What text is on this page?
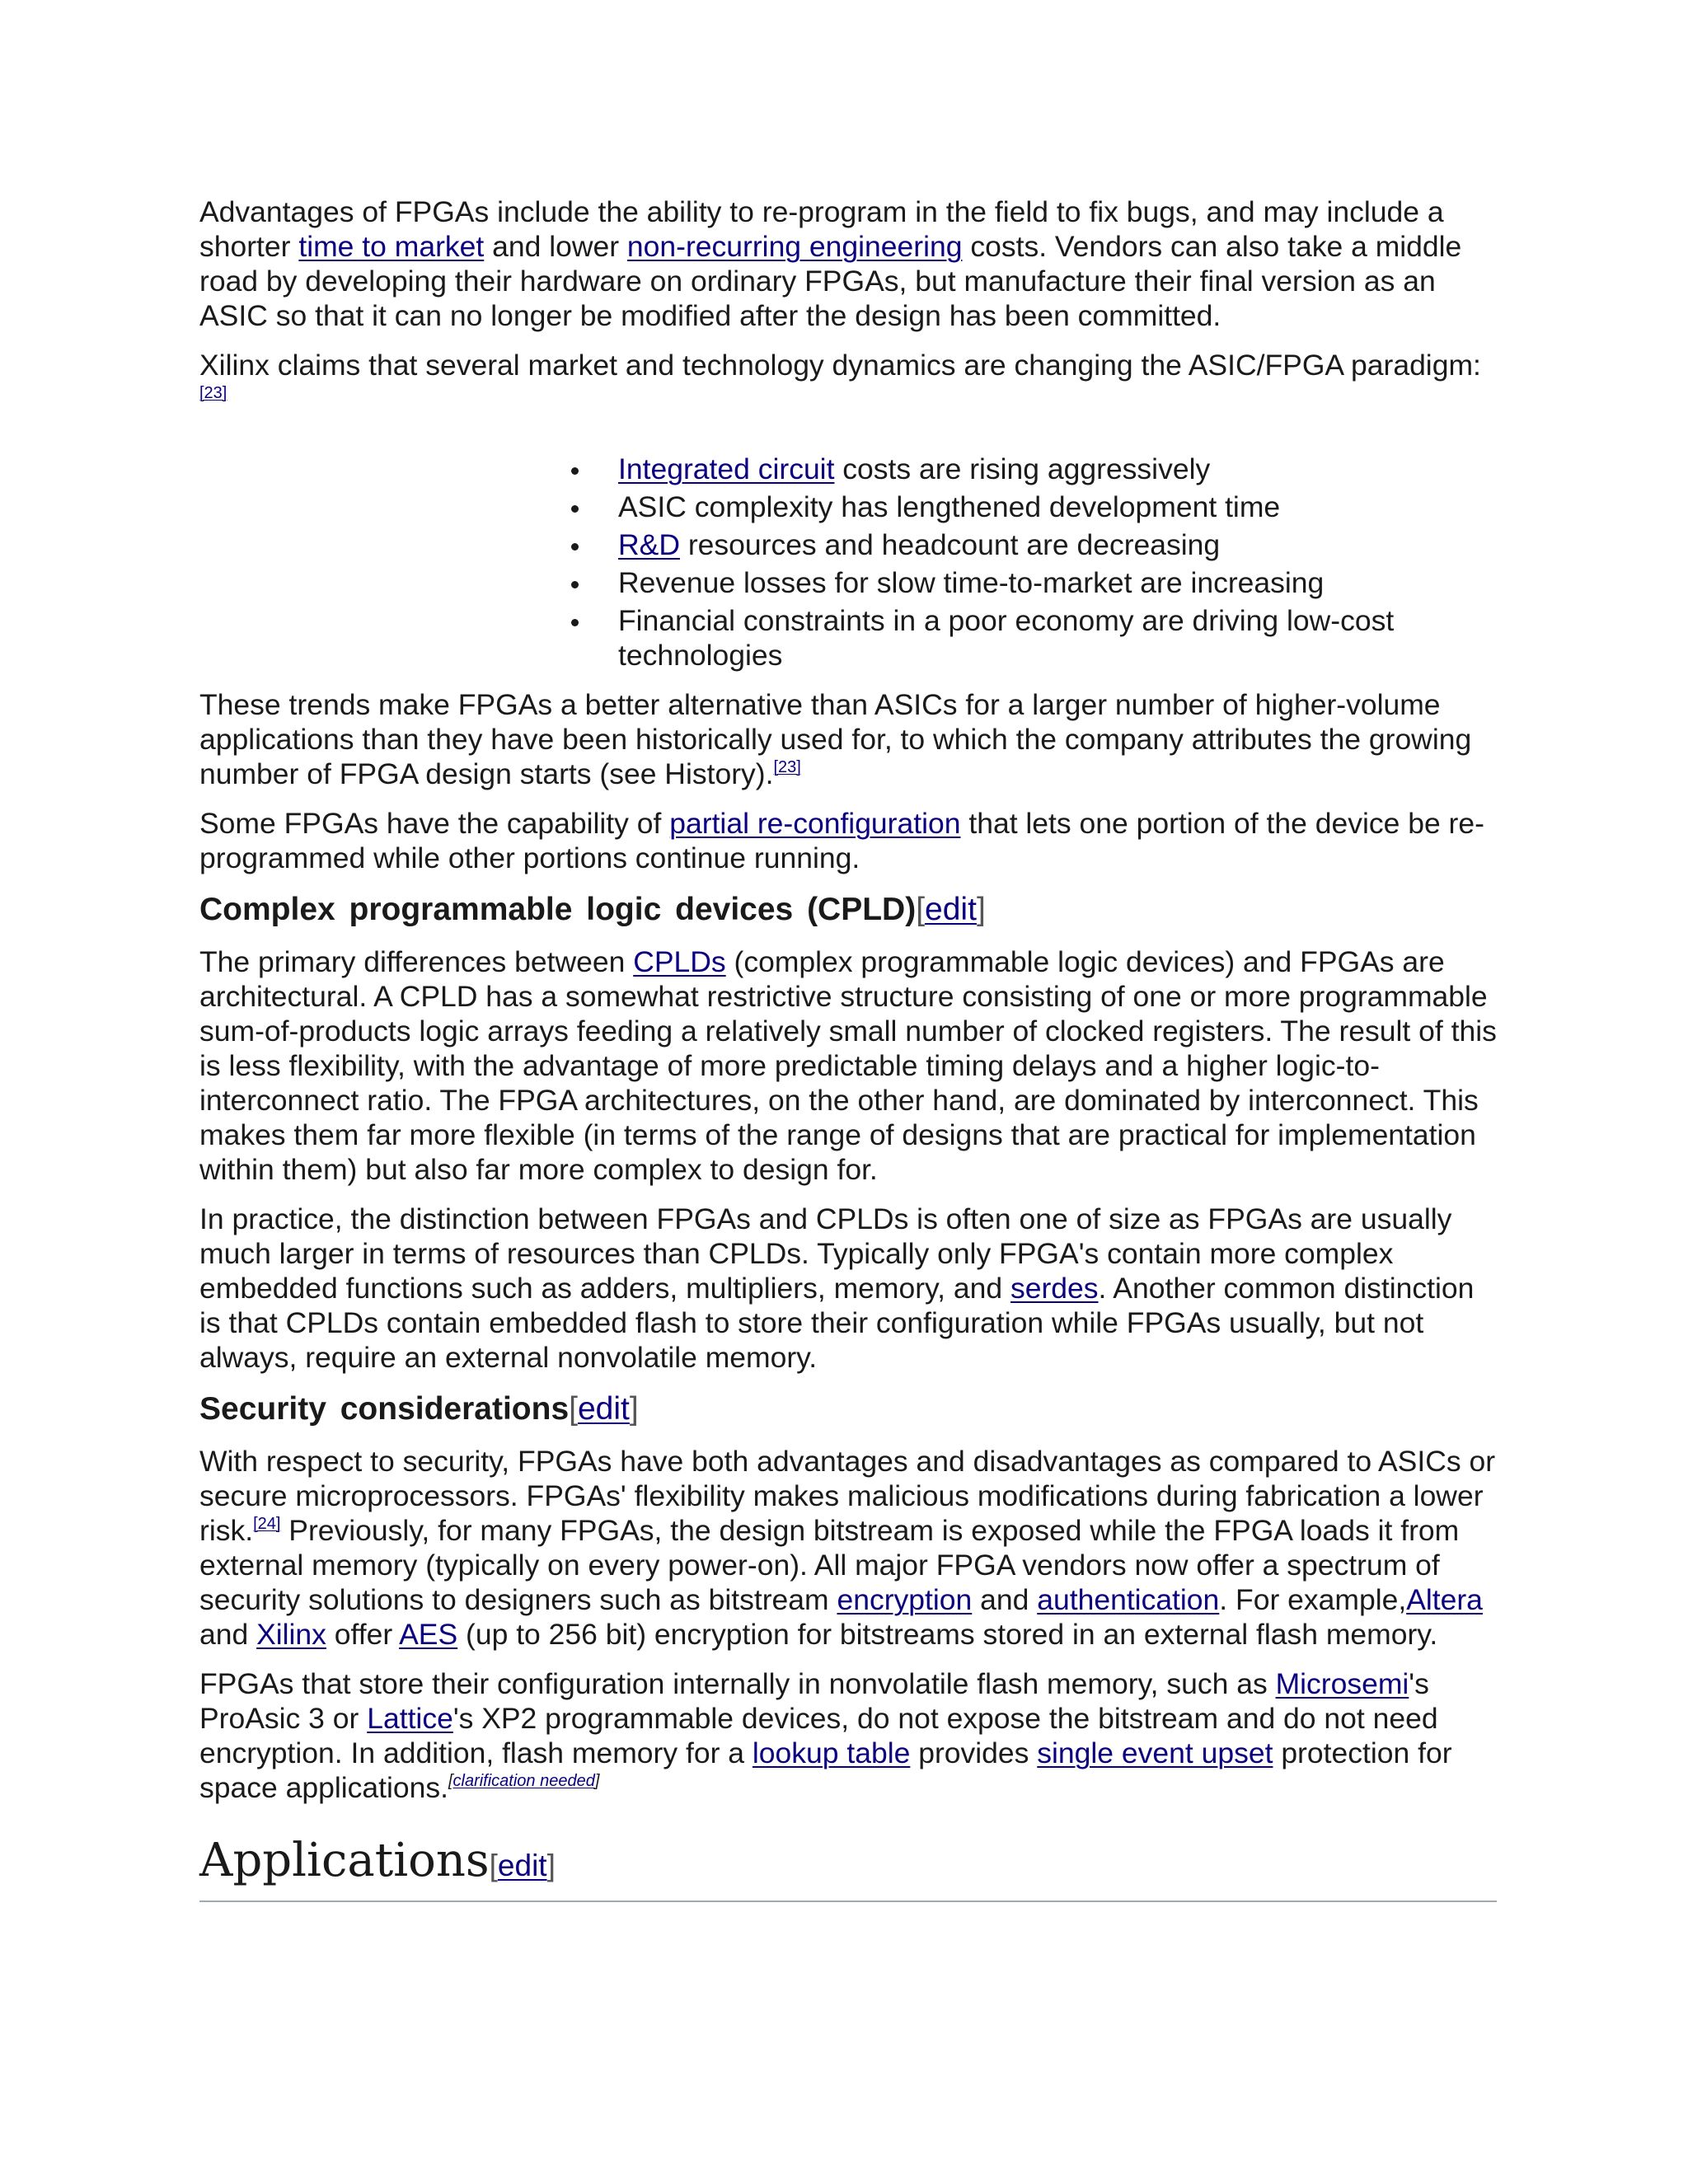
Advantages of FPGAs include the ability to re-program in the field to fix bugs, and may include a shorter time to market and lower non-recurring engineering costs. Vendors can also take a middle road by developing their hardware on ordinary FPGAs, but manufacture their final version as an ASIC so that it can no longer be modified after the design has been committed.

Xilinx claims that several market and technology dynamics are changing the ASIC/FPGA paradigm:[23]

Integrated circuit costs are rising aggressively
ASIC complexity has lengthened development time
R&D resources and headcount are decreasing
Revenue losses for slow time-to-market are increasing
Financial constraints in a poor economy are driving low-cost technologies

These trends make FPGAs a better alternative than ASICs for a larger number of higher-volume applications than they have been historically used for, to which the company attributes the growing number of FPGA design starts (see History).[23]

Some FPGAs have the capability of partial re-configuration that lets one portion of the device be re-programmed while other portions continue running.

Complex programmable logic devices (CPLD)[edit]

The primary differences between CPLDs (complex programmable logic devices) and FPGAs are architectural. A CPLD has a somewhat restrictive structure consisting of one or more programmable sum-of-products logic arrays feeding a relatively small number of clocked registers. The result of this is less flexibility, with the advantage of more predictable timing delays and a higher logic-to-interconnect ratio. The FPGA architectures, on the other hand, are dominated by interconnect. This makes them far more flexible (in terms of the range of designs that are practical for implementation within them) but also far more complex to design for.

In practice, the distinction between FPGAs and CPLDs is often one of size as FPGAs are usually much larger in terms of resources than CPLDs. Typically only FPGA's contain more complex embedded functions such as adders, multipliers, memory, and serdes. Another common distinction is that CPLDs contain embedded flash to store their configuration while FPGAs usually, but not always, require an external nonvolatile memory.

Security considerations[edit]

With respect to security, FPGAs have both advantages and disadvantages as compared to ASICs or secure microprocessors. FPGAs' flexibility makes malicious modifications during fabrication a lower risk.[24] Previously, for many FPGAs, the design bitstream is exposed while the FPGA loads it from external memory (typically on every power-on). All major FPGA vendors now offer a spectrum of security solutions to designers such as bitstream encryption and authentication. For example,Altera and Xilinx offer AES (up to 256 bit) encryption for bitstreams stored in an external flash memory.

FPGAs that store their configuration internally in nonvolatile flash memory, such as Microsemi's ProAsic 3 or Lattice's XP2 programmable devices, do not expose the bitstream and do not need encryption. In addition, flash memory for a lookup table provides single event upset protection for space applications.[clarification needed]

Applications[edit]
